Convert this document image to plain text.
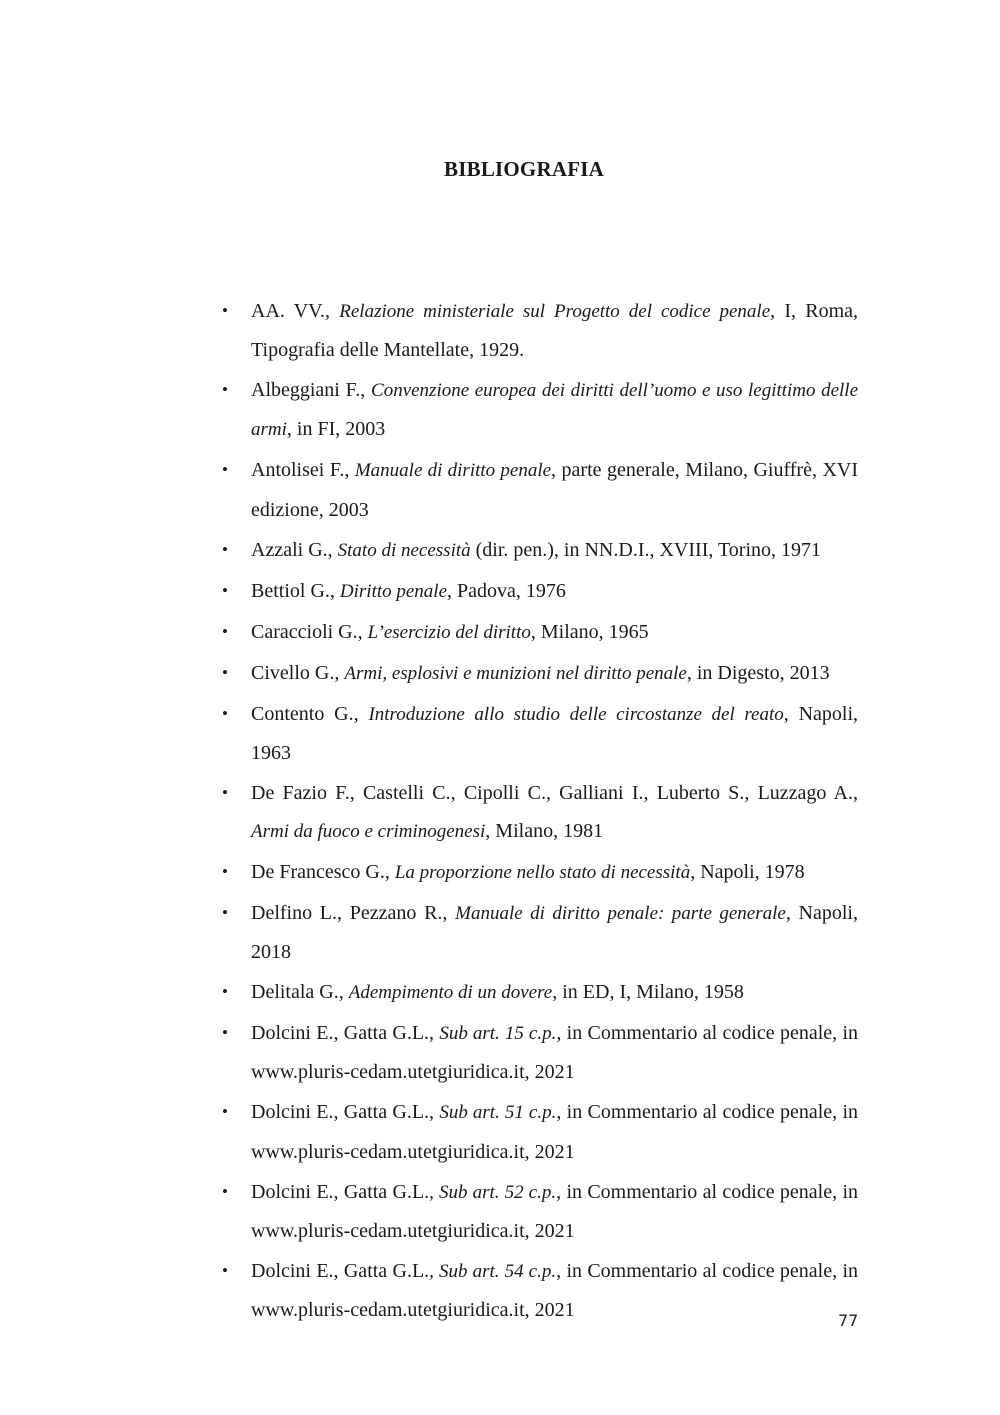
BIBLIOGRAFIA
•	AA. VV., Relazione ministeriale sul Progetto del codice penale, I, Roma, Tipografia delle Mantellate, 1929.
•	Albeggiani F., Convenzione europea dei diritti dell’uomo e uso legittimo delle armi, in FI, 2003
•	Antolisei F., Manuale di diritto penale, parte generale, Milano, Giuffrè, XVI edizione, 2003
•	Azzali G., Stato di necessità (dir. pen.), in NN.D.I., XVIII, Torino, 1971
•	Bettiol G., Diritto penale, Padova, 1976
•	Caraccioli G., L’esercizio del diritto, Milano, 1965
•	Civello G., Armi, esplosivi e munizioni nel diritto penale, in Digesto, 2013
•	Contento G., Introduzione allo studio delle circostanze del reato, Napoli, 1963
•	De Fazio F., Castelli C., Cipolli C., Galliani I., Luberto S., Luzzago A., Armi da fuoco e criminogenesi, Milano, 1981
•	De Francesco G., La proporzione nello stato di necessità, Napoli, 1978
•	Delfino L., Pezzano R., Manuale di diritto penale: parte generale, Napoli, 2018
•	Delitala G., Adempimento di un dovere, in ED, I, Milano, 1958
•	Dolcini E., Gatta G.L., Sub art. 15 c.p., in Commentario al codice penale, in www.pluris-cedam.utetgiuridica.it, 2021
•	Dolcini E., Gatta G.L., Sub art. 51 c.p., in Commentario al codice penale, in www.pluris-cedam.utetgiuridica.it, 2021
•	Dolcini E., Gatta G.L., Sub art. 52 c.p., in Commentario al codice penale, in www.pluris-cedam.utetgiuridica.it, 2021
•	Dolcini E., Gatta G.L., Sub art. 54 c.p., in Commentario al codice penale, in www.pluris-cedam.utetgiuridica.it, 2021	77
